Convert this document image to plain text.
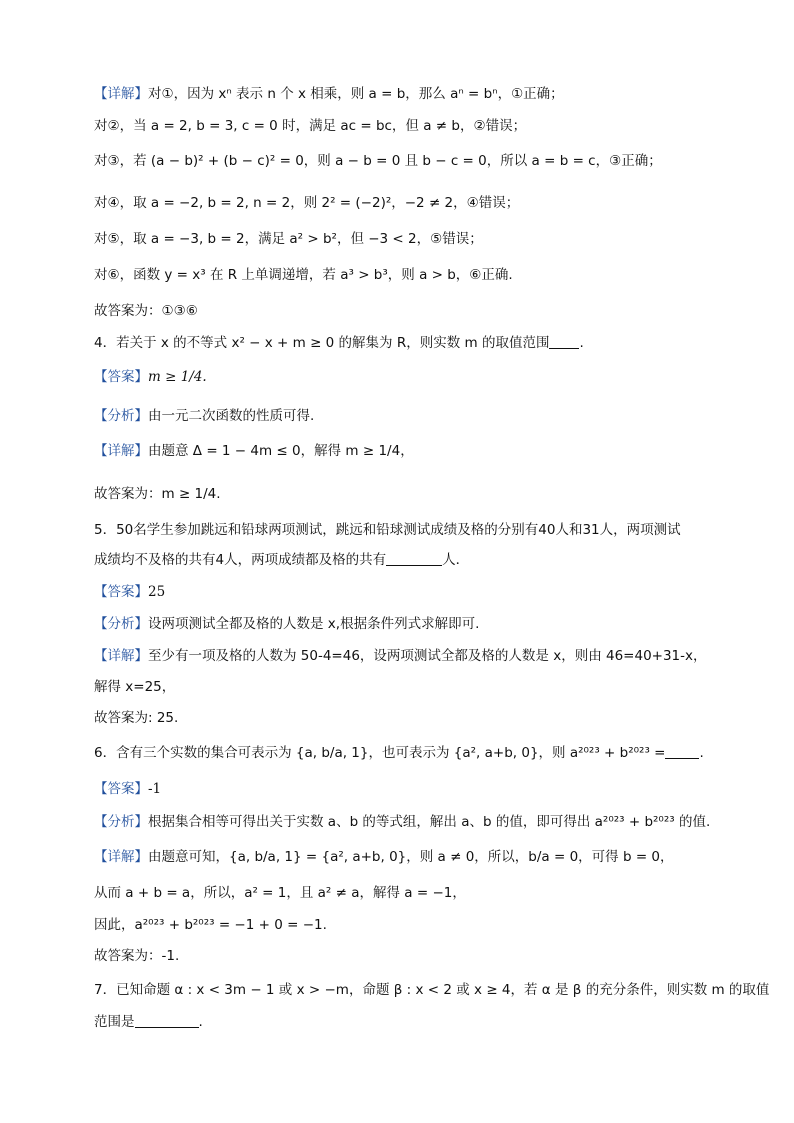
【详解】对①，因为 xⁿ 表示 n 个 x 相乘，则 a = b，那么 aⁿ = bⁿ，①正确；
对②，当 a = 2, b = 3, c = 0 时，满足 ac = bc，但 a ≠ b，②错误；
对③，若 (a − b)² + (b − c)² = 0，则 a − b = 0 且 b − c = 0，所以 a = b = c，③正确；
对④，取 a = −2, b = 2, n = 2，则 2² = (−2)²，−2 ≠ 2，④错误；
对⑤，取 a = −3, b = 2，满足 a² > b²，但 −3 < 2，⑤错误；
对⑥，函数 y = x³ 在 R 上单调递增，若 a³ > b³，则 a > b，⑥正确.
故答案为：①③⑥
4．若关于 x 的不等式 x² − x + m ≥ 0 的解集为 R，则实数 m 的取值范围 .
【答案】m ≥ 1/4.
【分析】由一元二次函数的性质可得.
【详解】由题意 Δ = 1 − 4m ≤ 0，解得 m ≥ 1/4，
故答案为：m ≥ 1/4.
5．50名学生参加跳远和铅球两项测试，跳远和铅球测试成绩及格的分别有40人和31人，两项测试
成绩均不及格的共有4人，两项成绩都及格的共有	人．
【答案】25
【分析】设两项测试全都及格的人数是 x,根据条件列式求解即可.
【详解】至少有一项及格的人数为 50-4=46，设两项测试全都及格的人数是 x，则由 46=40+31-x，
解得 x=25，
故答案为: 25.
6．含有三个实数的集合可表示为 {a, b/a, 1}，也可表示为 {a², a+b, 0}，则 a²⁰²³ + b²⁰²³ =	.
【答案】-1
【分析】根据集合相等可得出关于实数 a、b 的等式组，解出 a、b 的值，即可得出 a²⁰²³ + b²⁰²³ 的值.
【详解】由题意可知，{a, b/a, 1} = {a², a+b, 0}，则 a ≠ 0，所以，b/a = 0，可得 b = 0，
从而 a + b = a，所以，a² = 1，且 a² ≠ a，解得 a = −1，
因此，a²⁰²³ + b²⁰²³ = −1 + 0 = −1.
故答案为：-1.
7．已知命题 α : x < 3m − 1 或 x > −m，命题 β : x < 2 或 x ≥ 4，若 α 是 β 的充分条件，则实数 m 的取值
范围是	.
